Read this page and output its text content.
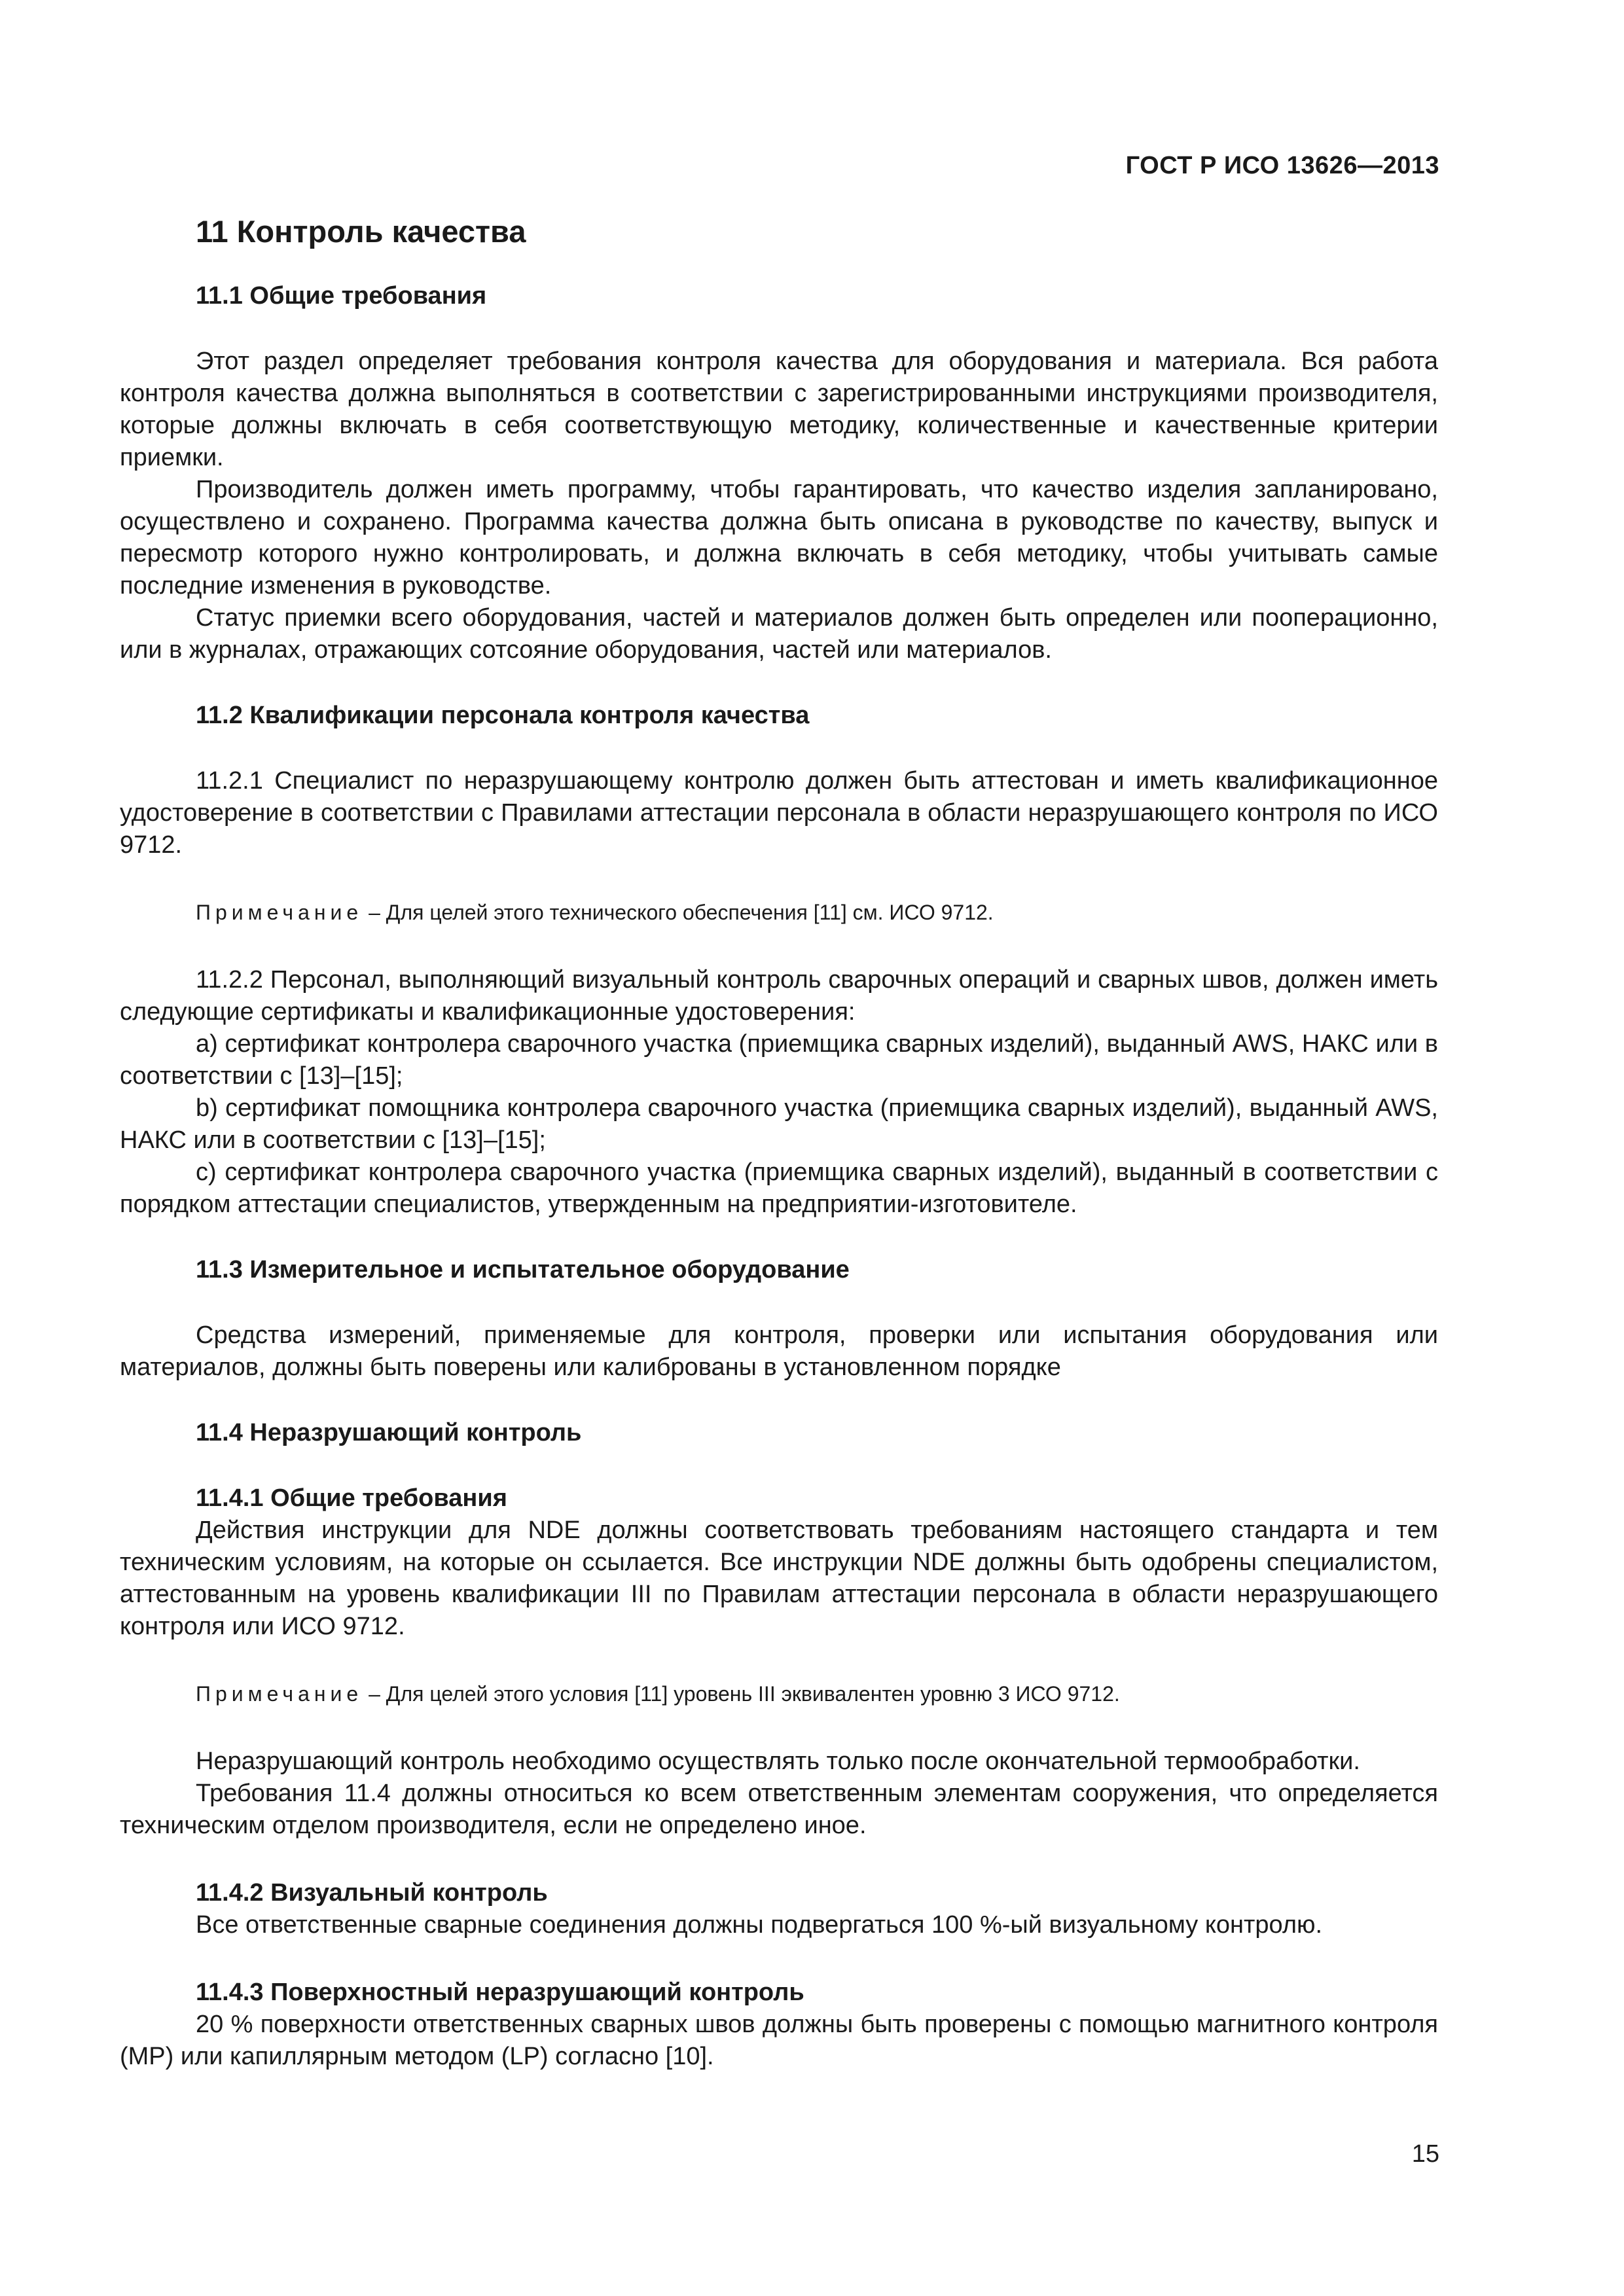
ГОСТ Р ИСО 13626—2013
11 Контроль качества
11.1 Общие требования

Этот раздел определяет требования контроля качества для оборудования и материала. Вся работа контроля качества должна выполняться в соответствии с зарегистрированными инструкциями производителя, которые должны включать в себя соответствующую методику, количественные и качественные критерии приемки.

Производитель должен иметь программу, чтобы гарантировать, что качество изделия запланировано, осуществлено и сохранено. Программа качества должна быть описана в руководстве по качеству, выпуск и пересмотр которого нужно контролировать, и должна включать в себя методику, чтобы учитывать самые последние изменения в руководстве.

Статус приемки всего оборудования, частей и материалов должен быть определен или пооперационно, или в журналах, отражающих сотсояние оборудования, частей или материалов.

11.2 Квалификации персонала контроля качества

11.2.1 Специалист по неразрушающему контролю должен быть аттестован и иметь квалификационное удостоверение в соответствии с Правилами аттестации персонала в области неразрушающего контроля по ИСО 9712.

Примечание – Для целей этого технического обеспечения [11] см. ИСО 9712.

11.2.2 Персонал, выполняющий визуальный контроль сварочных операций и сварных швов, должен иметь следующие сертификаты и квалификационные удостоверения:

a) сертификат контролера сварочного участка (приемщика сварных изделий), выданный AWS, НАКС или в соответствии с [13]–[15];

b) сертификат помощника контролера сварочного участка (приемщика сварных изделий), выданный AWS, НАКС или в соответствии с [13]–[15];

c) сертификат контролера сварочного участка (приемщика сварных изделий), выданный в соответствии с порядком аттестации специалистов, утвержденным на предприятии-изготовителе.

11.3 Измерительное и испытательное оборудование

Средства измерений, применяемые для контроля, проверки или испытания оборудования или материалов, должны быть поверены или калиброваны в установленном порядке

11.4 Неразрушающий контроль
11.4.1 Общие требования

Действия инструкции для NDE должны соответствовать требованиям настоящего стандарта и тем техническим условиям, на которые он ссылается. Все инструкции NDE должны быть одобрены специалистом, аттестованным на уровень квалификации III по Правилам аттестации персонала в области неразрушающего контроля или ИСО 9712.

Примечание – Для целей этого условия [11] уровень III эквивалентен уровню 3 ИСО 9712.

Неразрушающий контроль необходимо осуществлять только после окончательной термообработки.

Требования 11.4 должны относиться ко всем ответственным элементам сооружения, что определяется техническим отделом производителя, если не определено иное.

11.4.2 Визуальный контроль

Все ответственные сварные соединения должны подвергаться 100 %-ый визуальному контролю.

11.4.3 Поверхностный неразрушающий контроль

20 % поверхности ответственных сварных швов должны быть проверены с помощью магнитного контроля (MP) или капиллярным методом (LP) согласно [10].

15
